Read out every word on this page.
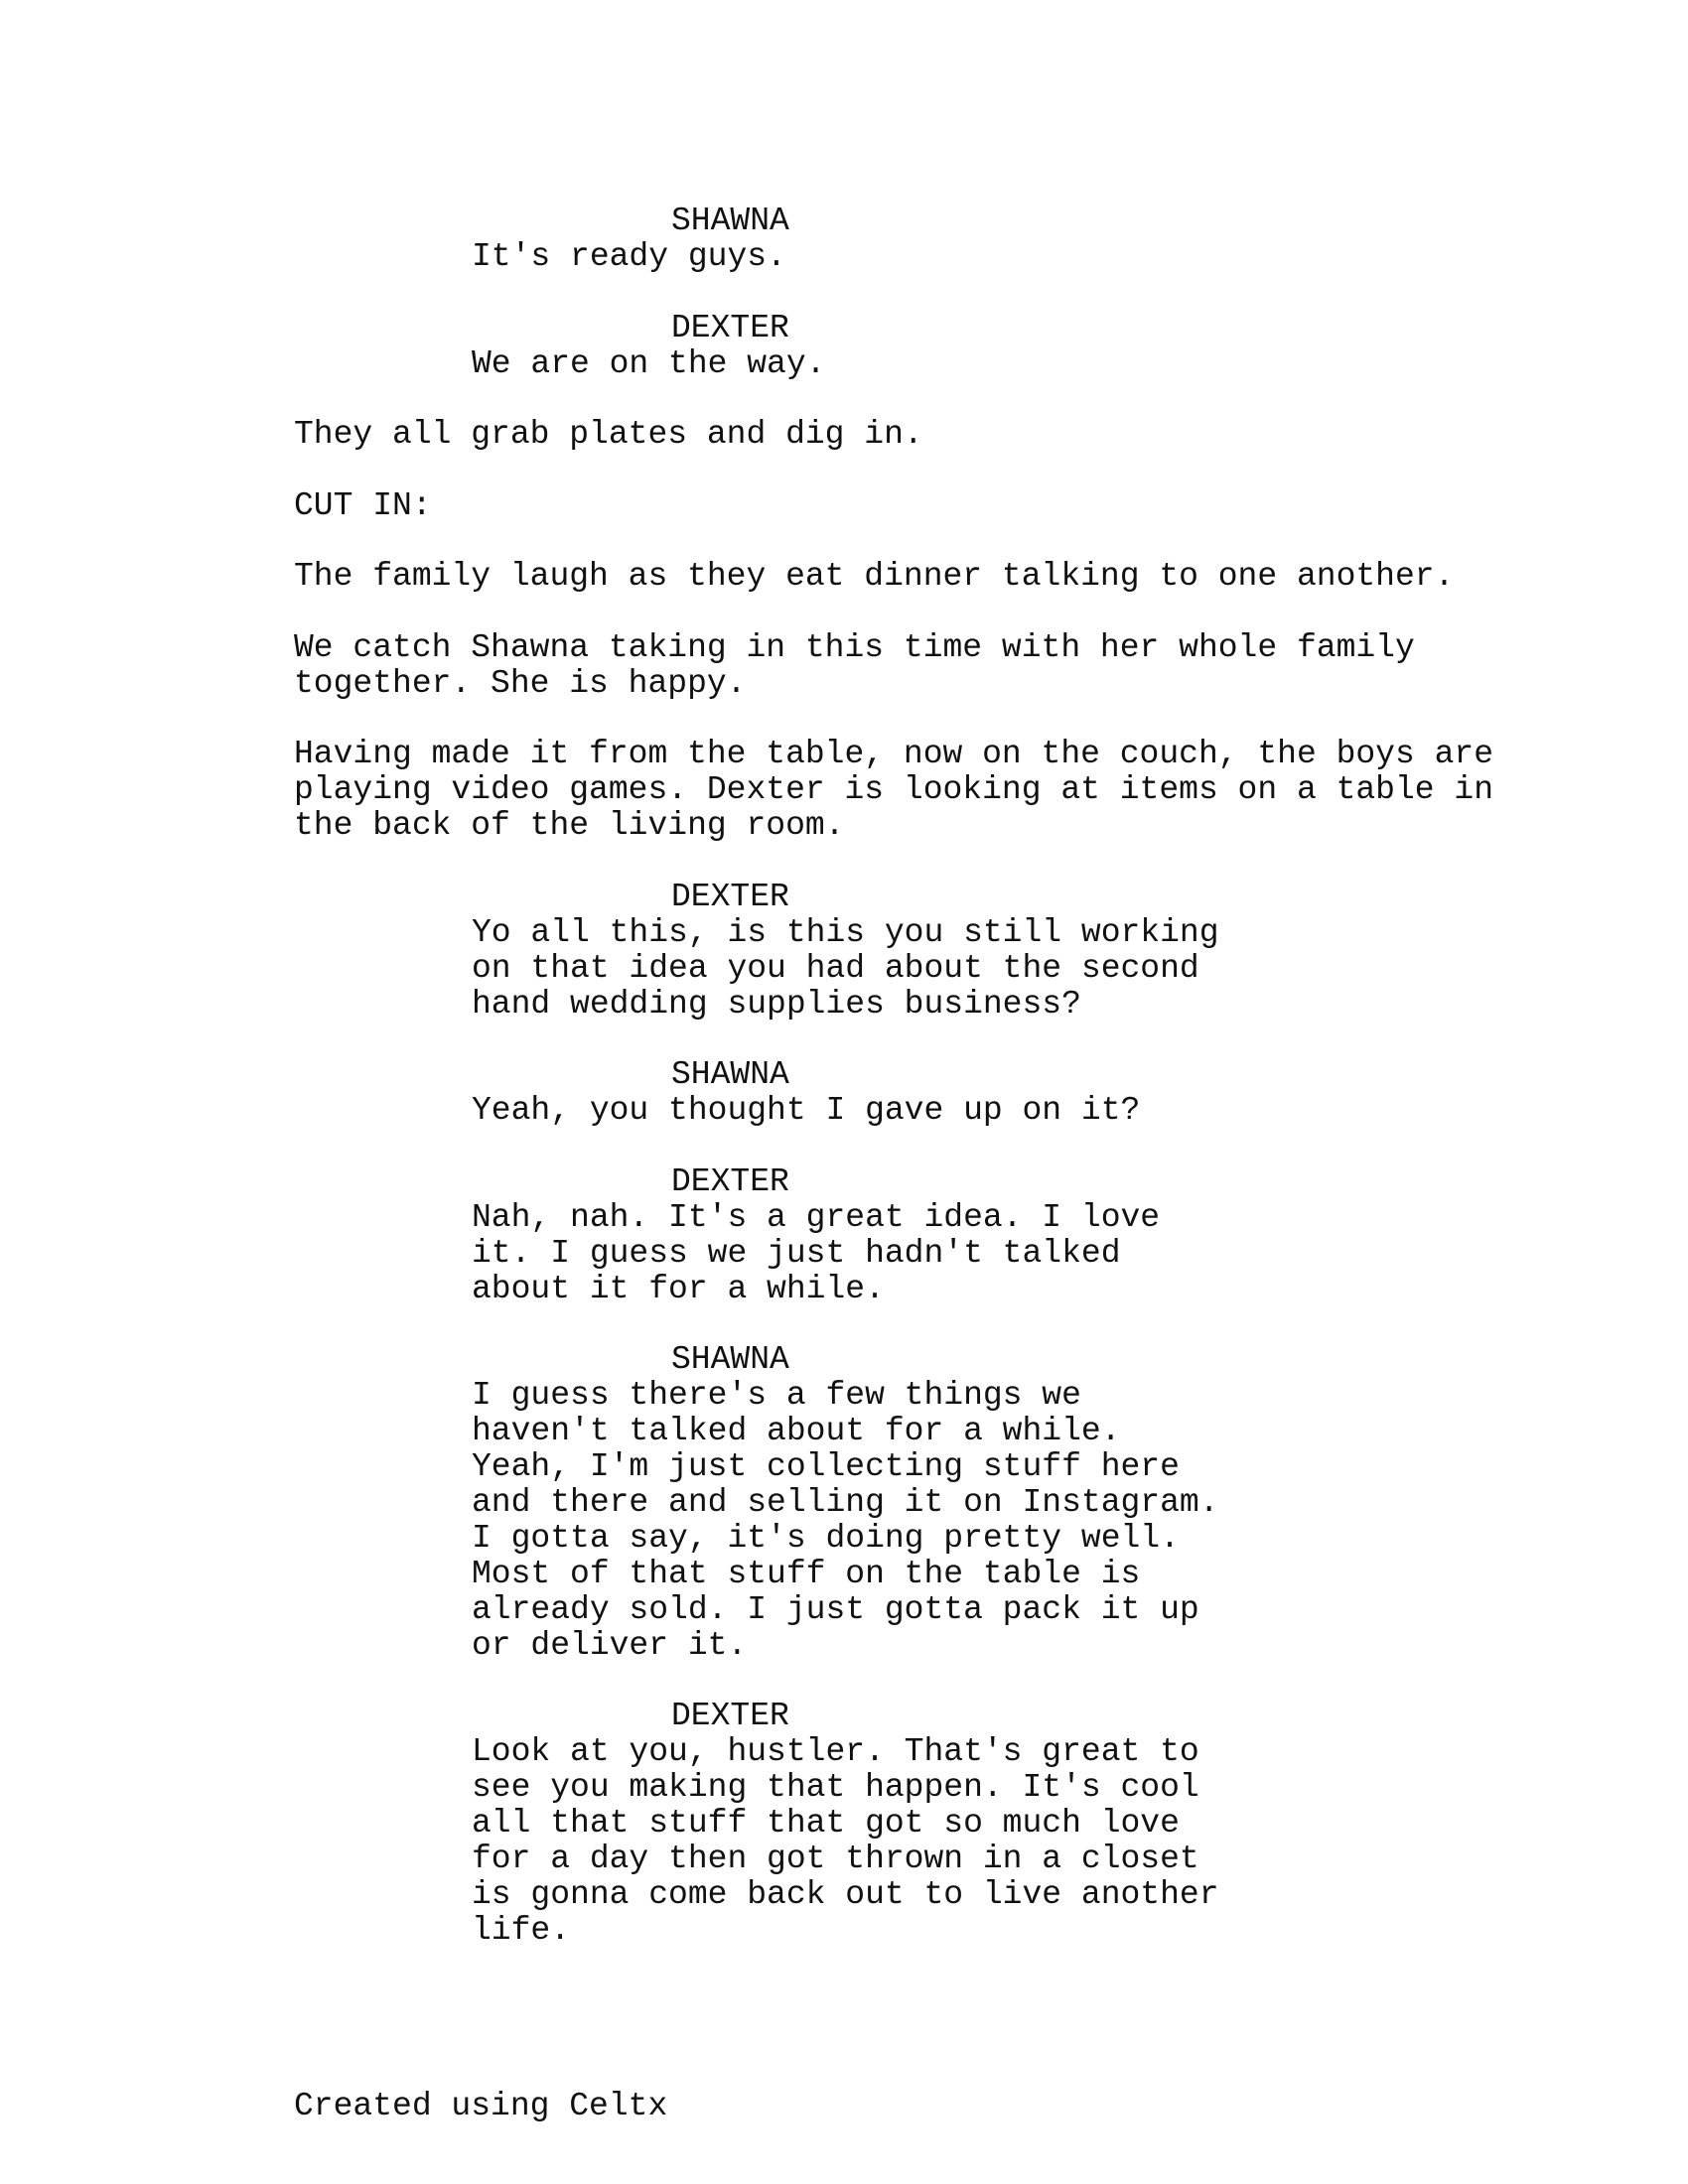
SHAWNA
It's ready guys.
DEXTER
We are on the way.
They all grab plates and dig in.
CUT IN:
The family laugh as they eat dinner talking to one another.
We catch Shawna taking in this time with her whole family
together. She is happy.
Having made it from the table, now on the couch, the boys are
playing video games. Dexter is looking at items on a table in
the back of the living room.
DEXTER
Yo all this, is this you still working
on that idea you had about the second
hand wedding supplies business?
SHAWNA
Yeah, you thought I gave up on it?
DEXTER
Nah, nah. It's a great idea. I love
it. I guess we just hadn't talked
about it for a while.
SHAWNA
I guess there's a few things we
haven't talked about for a while.
Yeah, I'm just collecting stuff here
and there and selling it on Instagram.
I gotta say, it's doing pretty well.
Most of that stuff on the table is
already sold. I just gotta pack it up
or deliver it.
DEXTER
Look at you, hustler. That's great to
see you making that happen. It's cool
all that stuff that got so much love
for a day then got thrown in a closet
is gonna come back out to live another
life.
Created using Celtx
